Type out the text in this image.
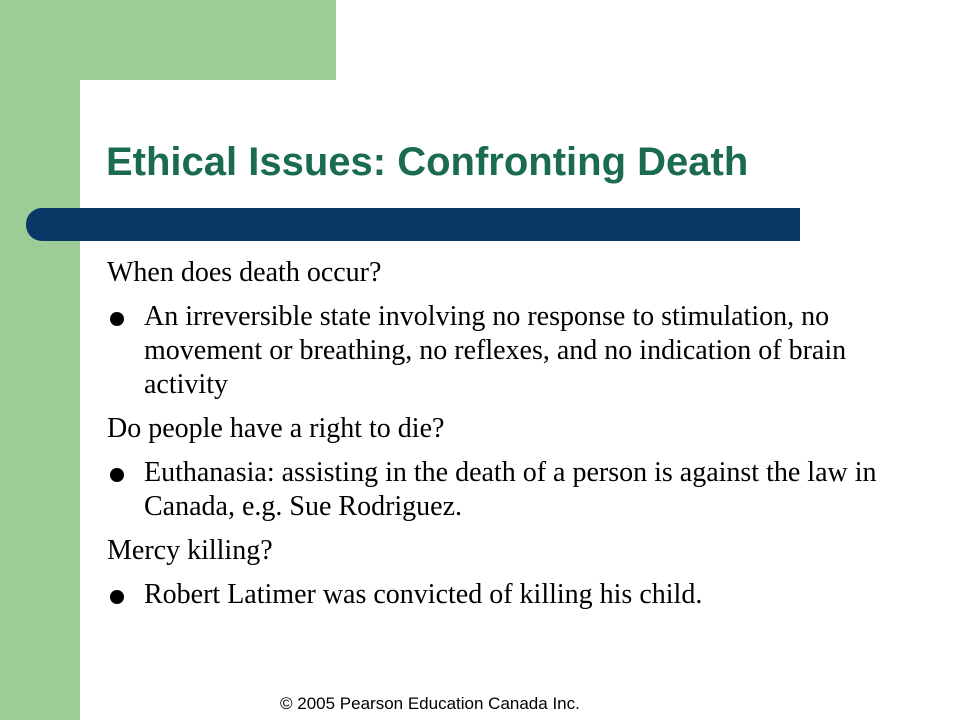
Ethical Issues: Confronting Death

When does death occur?

An irreversible state involving no response to stimulation, no movement or breathing, no reflexes, and no indication of brain activity

Do people have a right to die?

Euthanasia: assisting in the death of a person is against the law in Canada, e.g. Sue Rodriguez.

Mercy killing?

Robert Latimer was convicted of killing his child.
© 2005 Pearson Education Canada Inc.
